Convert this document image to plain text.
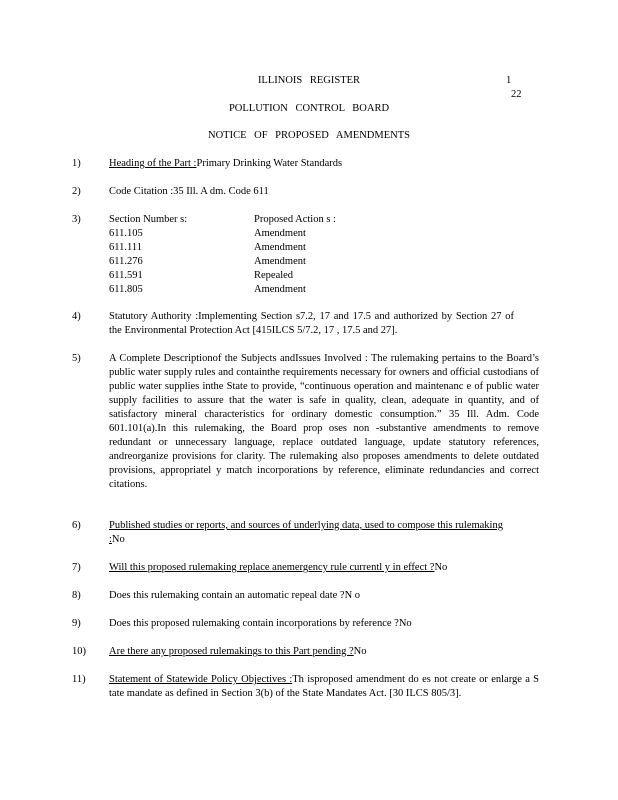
ILLINOIS REGISTER	1
22
POLLUTION CONTROL BOARD
NOTICE OF PROPOSED AMENDMENTS
1)	Heading of the Part :Primary Drinking Water Standards
2)	Code Citation :35 Ill. A dm. Code 611
3)	Section Number s:	Proposed Action s :
611.105	Amendment
611.111	Amendment
611.276	Amendment
611.591	Repealed
611.805	Amendment
4)	Statutory Authority :Implementing Section s7.2, 17 and 17.5 and authorized by Section 27 of the Environmental Protection Act [415ILCS 5/7.2, 17 , 17.5 and 27].
5)	A Complete Descriptionof the Subjects andIssues Involved : The rulemaking pertains to the Board’s public water supply rules and containthe requirements necessary for owners and official custodians of public water supplies inthe State to provide, “continuous operation and maintenanc e of public water supply facilities to assure that the water is safe in quality, clean, adequate in quantity, and of satisfactory mineral characteristics for ordinary domestic consumption.” 35 Ill. Adm. Code 601.101(a).In this rulemaking, the Board prop oses non -substantive amendments to remove redundant or unnecessary language, replace outdated language, update statutory references, andreorganize provisions for clarity. The rulemaking also proposes amendments to delete outdated provisions, appropriatel y match incorporations by reference, eliminate redundancies and correct citations.
6)	Published studies or reports, and sources of underlying data, used to compose this rulemaking :No
7)	Will this proposed rulemaking replace anemergency rule currentl y in effect ?No
8)	Does this rulemaking contain an automatic repeal date ?N o
9)	Does this proposed rulemaking contain incorporations by reference ?No
10)	Are there any proposed rulemakings to this Part pending ?No
11)	Statement of Statewide Policy Objectives :Th isproposed amendment do es not create or enlarge a S tate mandate as defined in Section 3(b) of the State Mandates Act. [30 ILCS 805/3].
